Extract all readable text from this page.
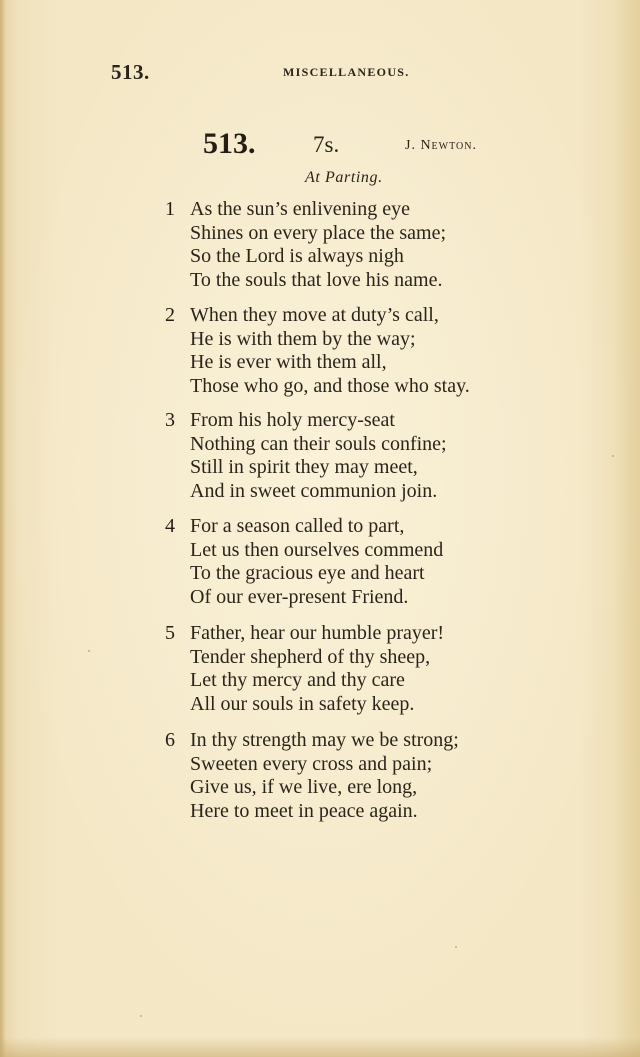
513.	MISCELLANEOUS.
513.	7s.	J. Newton.
At Parting.
1 As the sun’s enlivening eye
Shines on every place the same;
So the Lord is always nigh
To the souls that love his name.
2 When they move at duty’s call,
He is with them by the way;
He is ever with them all,
Those who go, and those who stay.
3 From his holy mercy-seat
Nothing can their souls confine;
Still in spirit they may meet,
And in sweet communion join.
4 For a season called to part,
Let us then ourselves commend
To the gracious eye and heart
Of our ever-present Friend.
5 Father, hear our humble prayer!
Tender shepherd of thy sheep,
Let thy mercy and thy care
All our souls in safety keep.
6 In thy strength may we be strong;
Sweeten every cross and pain;
Give us, if we live, ere long,
Here to meet in peace again.
